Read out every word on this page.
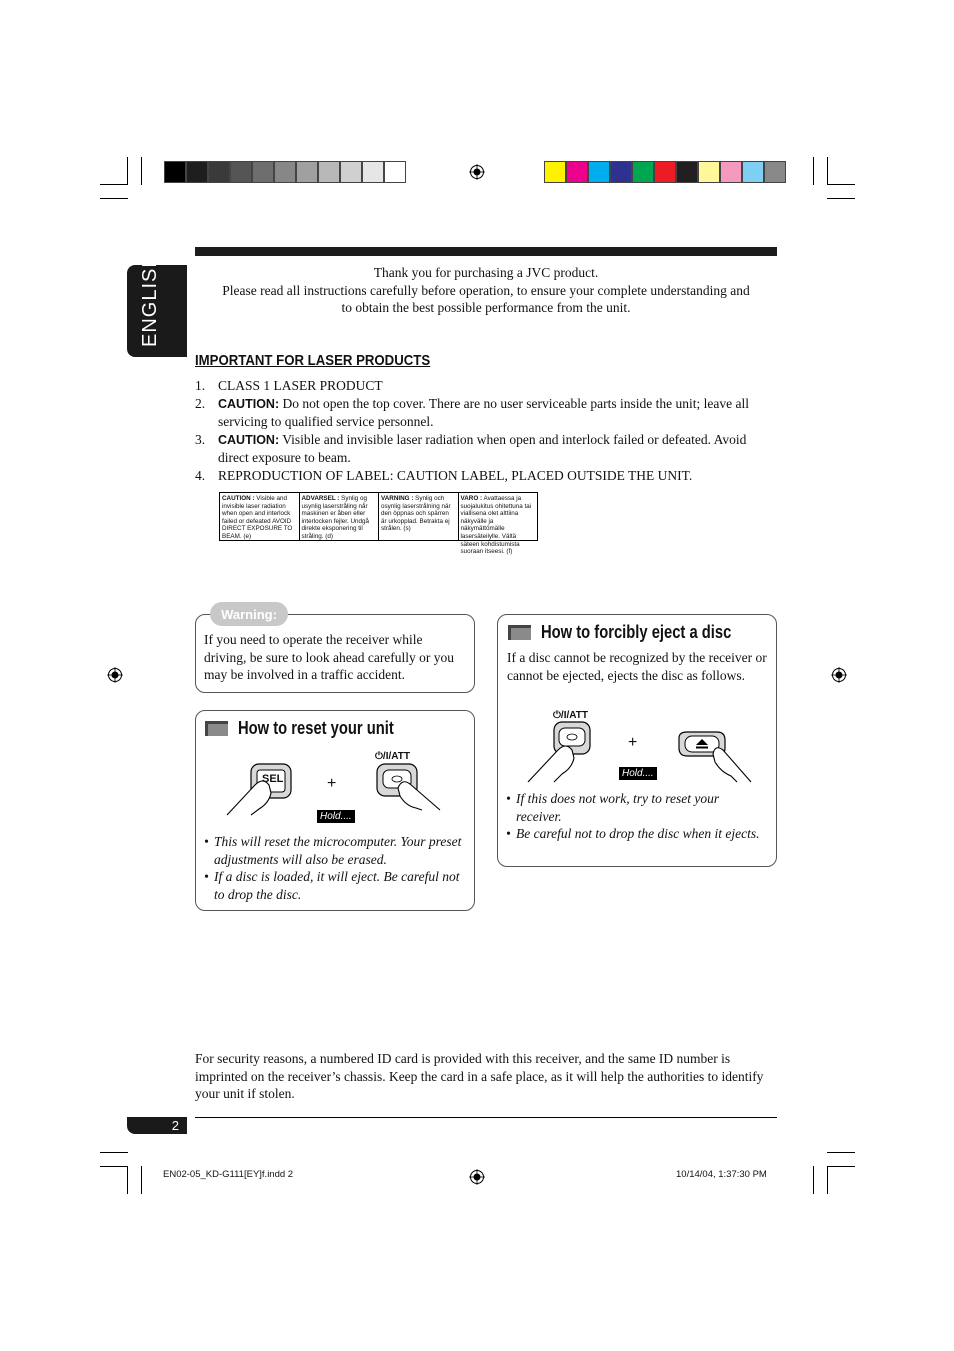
ENGLISH	Thank you for purchasing a JVC product.
Please read all instructions carefully before operation, to ensure your complete understanding and
to obtain the best possible performance from the unit.
IMPORTANT FOR LASER PRODUCTS
1. CLASS 1 LASER PRODUCT
2.	CAUTION: Do not open the top cover. There are no user serviceable parts inside the unit; leave all servicing to qualified service personnel.
3.	CAUTION: Visible and invisible laser radiation when open and interlock failed or defeated. Avoid direct exposure to beam.
4. REPRODUCTION OF LABEL: CAUTION LABEL, PLACED OUTSIDE THE UNIT.
CAUTION : Visible and invisible laser radiation when open and interlock failed or defeated AVOID DIRECT EXPOSURE TO BEAM. (e)
ADVARSEL : Synlig og usynlig laserstråling når maskinen er åben eller interlocken fejler. Undgå direkte eksponering til stråling. (d)
VARNING : Synlig och osynlig laserstrålning när den öppnas och spärren är urkopplad. Betrakta ej strålen. (s)
VARO : Avattaessa ja suojalukitus ohitettuna tai viallisena olet alttiina näkyvälle ja näkymättömälle lasersäteilylle. Vältä säteen kohdistumista suoraan itseesi. (f)
Warning:
If you need to operate the receiver while driving, be sure to look ahead carefully or you may be involved in a traffic accident.
How to reset your unit
SEL	+
⏻/I/ATT
Hold....
• This will reset the microcomputer. Your preset adjustments will also be erased.
• If a disc is loaded, it will eject. Be careful not to drop the disc.
How to forcibly eject a disc
If a disc cannot be recognized by the receiver or cannot be ejected, ejects the disc as follows.
⏻/I/ATT
+
Hold....
• If this does not work, try to reset your receiver.
• Be careful not to drop the disc when it ejects.
For security reasons, a numbered ID card is provided with this receiver, and the same ID number is imprinted on the receiver’s chassis. Keep the card in a safe place, as it will help the authorities to identify your unit if stolen.
2
EN02-05_KD-G111[EY]f.indd 2	10/14/04, 1:37:30 PM
